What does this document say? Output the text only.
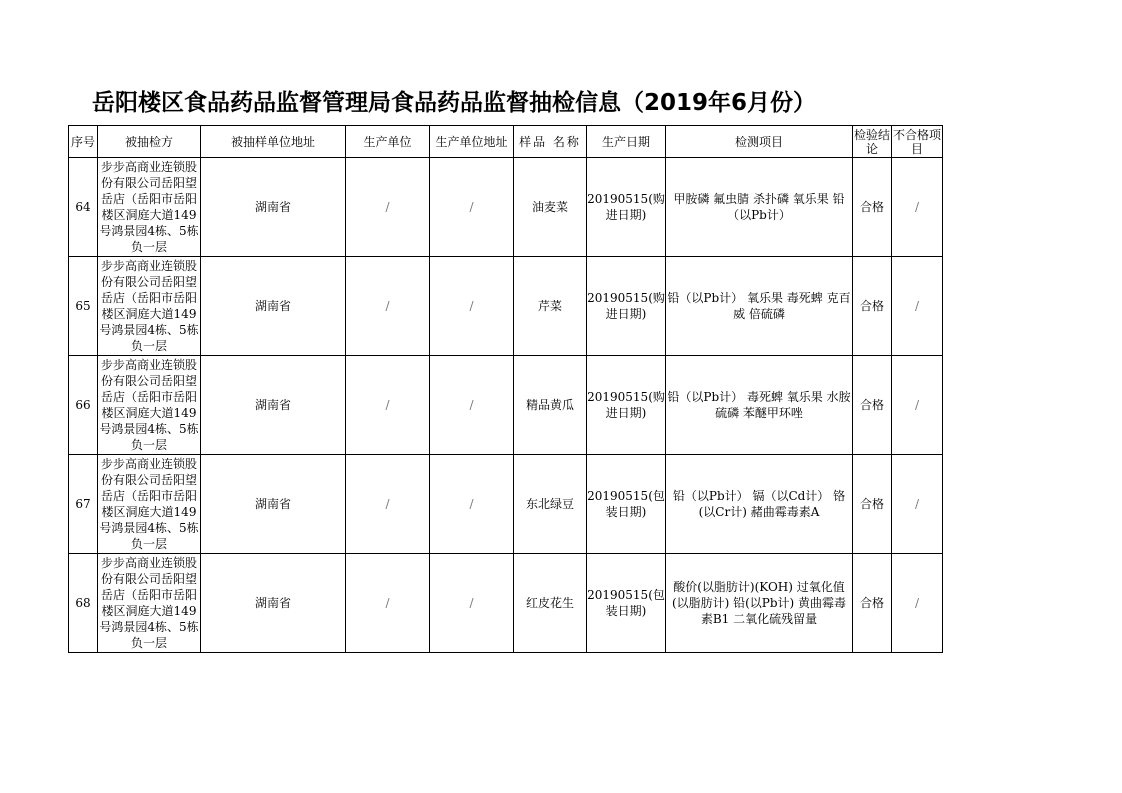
岳阳楼区食品药品监督管理局食品药品监督抽检信息（2019年6月份）
序号	被抽检方	被抽样单位地址	生产单位	生产单位地址	样品 名称	生产日期	检测项目	检验结论	不合格项目
64	步步高商业连锁股份有限公司岳阳望岳店（岳阳市岳阳楼区洞庭大道149号鸿景园4栋、5栋负一层	湖南省	/	/	油麦菜	20190515(购进日期)	甲胺磷 氟虫腈 杀扑磷 氧乐果 铅（以Pb计）	合格	/
65	步步高商业连锁股份有限公司岳阳望岳店（岳阳市岳阳楼区洞庭大道149号鸿景园4栋、5栋负一层	湖南省	/	/	芹菜	20190515(购进日期)	铅（以Pb计） 氧乐果 毒死蜱 克百威 倍硫磷	合格	/
66	步步高商业连锁股份有限公司岳阳望岳店（岳阳市岳阳楼区洞庭大道149号鸿景园4栋、5栋负一层	湖南省	/	/	精品黄瓜	20190515(购进日期)	铅（以Pb计） 毒死蜱 氧乐果 水胺硫磷 苯醚甲环唑	合格	/
67	步步高商业连锁股份有限公司岳阳望岳店（岳阳市岳阳楼区洞庭大道149号鸿景园4栋、5栋负一层	湖南省	/	/	东北绿豆	20190515(包装日期)	铅（以Pb计） 镉（以Cd计） 铬(以Cr计) 赭曲霉毒素A	合格	/
68	步步高商业连锁股份有限公司岳阳望岳店（岳阳市岳阳楼区洞庭大道149号鸿景园4栋、5栋负一层	湖南省	/	/	红皮花生	20190515(包装日期)	酸价(以脂肪计)(KOH) 过氧化值(以脂肪计) 铅(以Pb计) 黄曲霉毒素B1 二氧化硫残留量	合格	/
